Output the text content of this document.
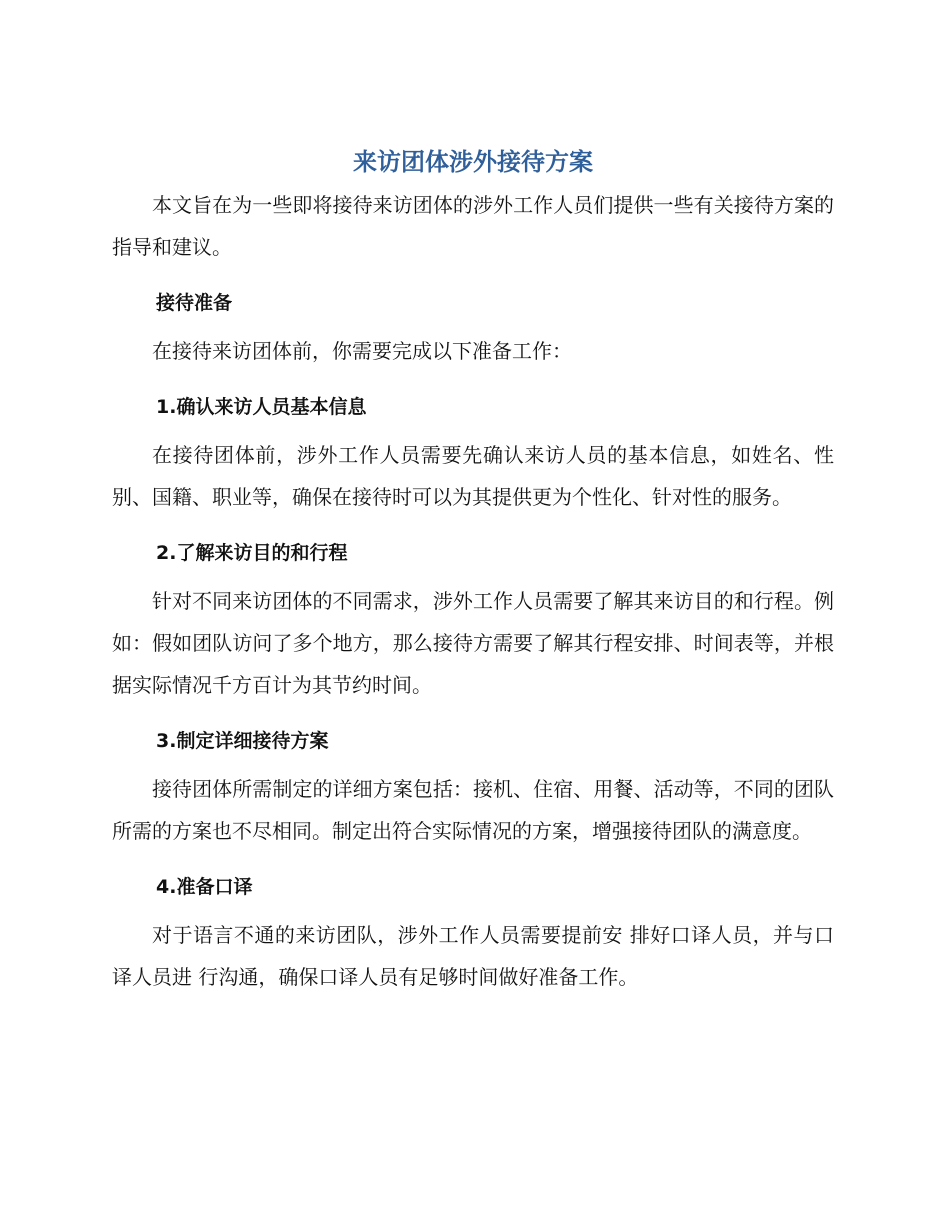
来访团体涉外接待方案

本文旨在为一些即将接待来访团体的涉外工作人员们提供一些有关接待方案的指导和建议。

接待准备

在接待来访团体前，你需要完成以下准备工作：

1.确认来访人员基本信息

在接待团体前，涉外工作人员需要先确认来访人员的基本信息，如姓名、性别、国籍、职业等，确保在接待时可以为其提供更为个性化、针对性的服务。

2.了解来访目的和行程

针对不同来访团体的不同需求，涉外工作人员需要了解其来访目的和行程。例如：假如团队访问了多个地方，那么接待方需要了解其行程安排、时间表等，并根据实际情况千方百计为其节约时间。

3.制定详细接待方案

接待团体所需制定的详细方案包括：接机、住宿、用餐、活动等，不同的团队所需的方案也不尽相同。制定出符合实际情况的方案，增强接待团队的满意度。

4.准备口译

对于语言不通的来访团队，涉外工作人员需要提前安 排好口译人员，并与口译人员进 行沟通，确保口译人员有足够时间做好准备工作。
